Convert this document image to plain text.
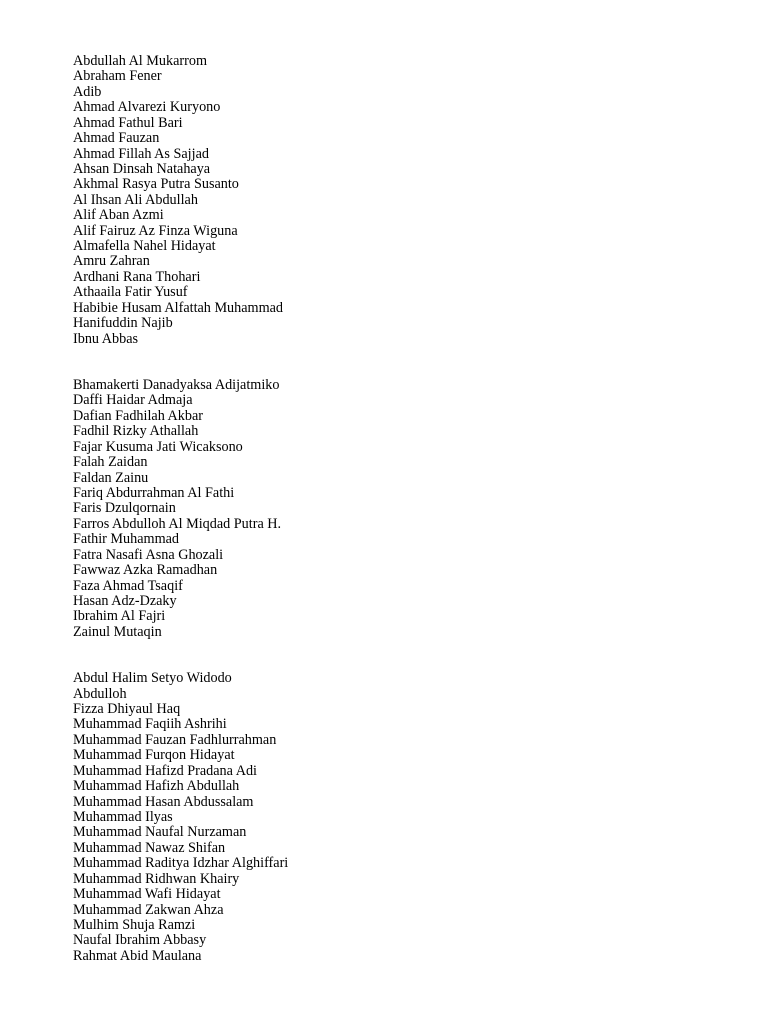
Abdullah Al Mukarrom
Abraham Fener
Adib
Ahmad Alvarezi Kuryono
Ahmad Fathul Bari
Ahmad Fauzan
Ahmad Fillah As Sajjad
Ahsan Dinsah Natahaya
Akhmal Rasya Putra Susanto
Al Ihsan Ali Abdullah
Alif Aban Azmi
Alif Fairuz Az Finza Wiguna
Almafella Nahel Hidayat
Amru Zahran
Ardhani Rana Thohari
Athaaila Fatir Yusuf
Habibie Husam Alfattah Muhammad
Hanifuddin Najib
Ibnu Abbas
Bhamakerti Danadyaksa Adijatmiko
Daffi Haidar Admaja
Dafian Fadhilah Akbar
Fadhil Rizky Athallah
Fajar Kusuma Jati Wicaksono
Falah Zaidan
Faldan Zainu
Fariq Abdurrahman Al Fathi
Faris Dzulqornain
Farros Abdulloh Al Miqdad Putra H.
Fathir Muhammad
Fatra Nasafi Asna Ghozali
Fawwaz Azka Ramadhan
Faza Ahmad Tsaqif
Hasan Adz-Dzaky
Ibrahim Al Fajri
Zainul Mutaqin
Abdul Halim Setyo Widodo
Abdulloh
Fizza Dhiyaul Haq
Muhammad Faqiih Ashrihi
Muhammad Fauzan Fadhlurrahman
Muhammad Furqon Hidayat
Muhammad Hafizd Pradana Adi
Muhammad Hafizh Abdullah
Muhammad Hasan Abdussalam
Muhammad Ilyas
Muhammad Naufal Nurzaman
Muhammad Nawaz Shifan
Muhammad Raditya Idzhar Alghiffari
Muhammad Ridhwan Khairy
Muhammad Wafi Hidayat
Muhammad Zakwan Ahza
Mulhim Shuja Ramzi
Naufal Ibrahim Abbasy
Rahmat Abid Maulana
